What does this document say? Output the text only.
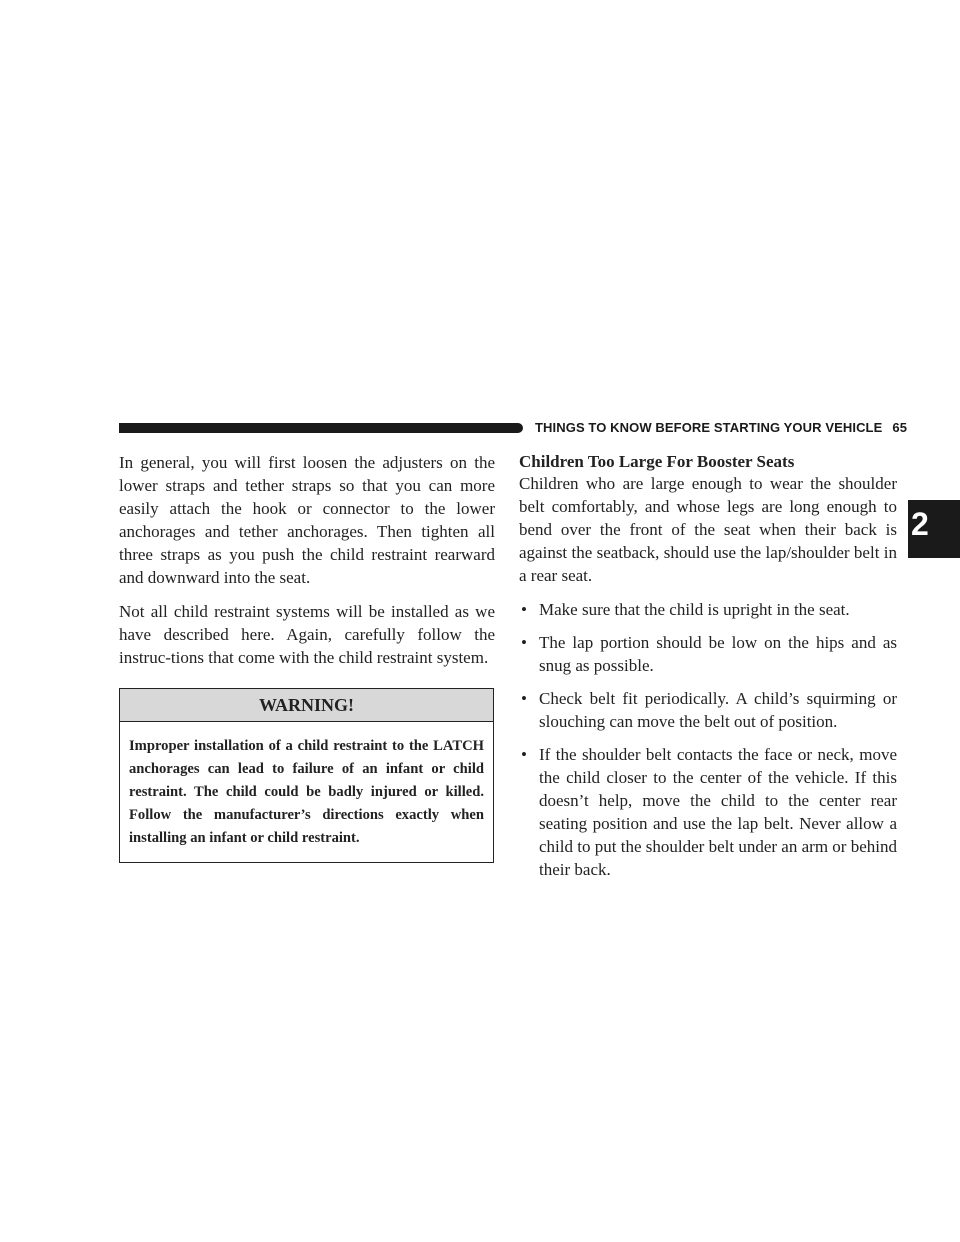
THINGS TO KNOW BEFORE STARTING YOUR VEHICLE 65
2

In general, you will first loosen the adjusters on the lower straps and tether straps so that you can more easily attach the hook or connector to the lower anchorages and tether anchorages. Then tighten all three straps as you push the child restraint rearward and downward into the seat.

Not all child restraint systems will be installed as we have described here. Again, carefully follow the instruc-tions that come with the child restraint system.

WARNING!
Improper installation of a child restraint to the LATCH anchorages can lead to failure of an infant or child restraint. The child could be badly injured or killed. Follow the manufacturer’s directions exactly when installing an infant or child restraint.
Children Too Large For Booster Seats

Children who are large enough to wear the shoulder belt comfortably, and whose legs are long enough to bend over the front of the seat when their back is against the seatback, should use the lap/shoulder belt in a rear seat.

• Make sure that the child is upright in the seat.
• The lap portion should be low on the hips and as snug as possible.
• Check belt fit periodically. A child’s squirming or slouching can move the belt out of position.
• If the shoulder belt contacts the face or neck, move the child closer to the center of the vehicle. If this doesn’t help, move the child to the center rear seating position and use the lap belt. Never allow a child to put the shoulder belt under an arm or behind their back.
